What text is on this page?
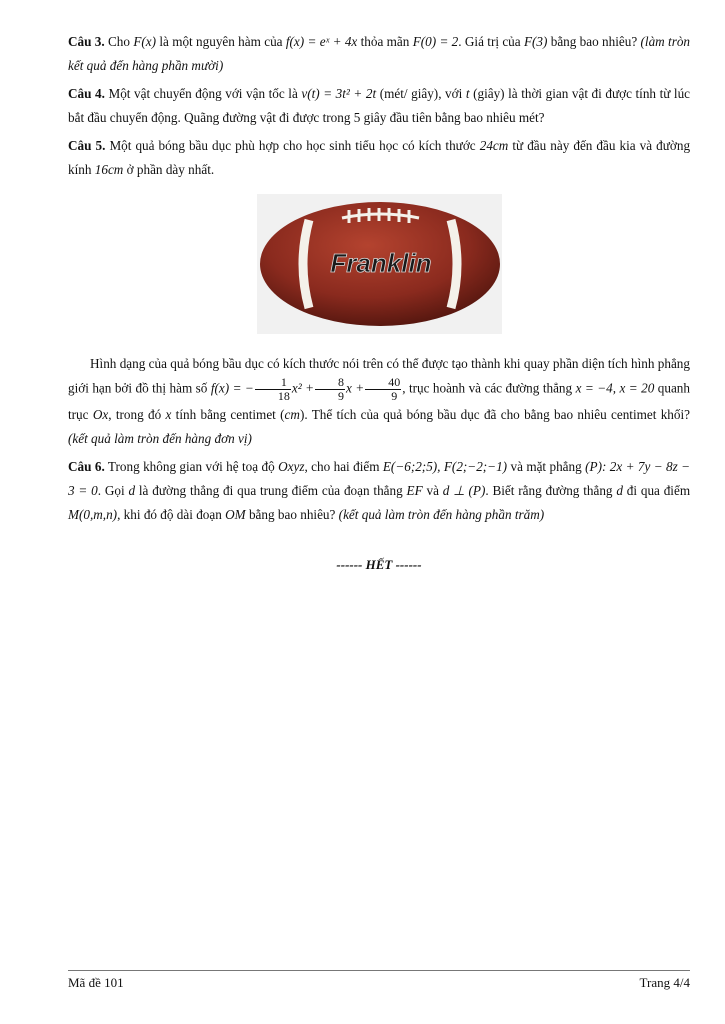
Câu 3. Cho F(x) là một nguyên hàm của f(x) = eˣ + 4x thỏa mãn F(0) = 2. Giá trị của F(3) bằng bao nhiêu? (làm tròn kết quả đến hàng phần mười)

Câu 4. Một vật chuyển động với vận tốc là v(t) = 3t² + 2t (mét/ giây), với t (giây) là thời gian vật đi được tính từ lúc bắt đầu chuyển động. Quãng đường vật đi được trong 5 giây đầu tiên bằng bao nhiêu mét?

Câu 5. Một quả bóng bầu dục phù hợp cho học sinh tiểu học có kích thước 24cm từ đầu này đến đầu kia và đường kính 16cm ở phần dày nhất.

Franklin

Hình dạng của quả bóng bầu dục có kích thước nói trên có thể được tạo thành khi quay phần diện tích hình phẳng giới hạn bởi đồ thị hàm số f(x) = − $\frac{1}{18} x^2 + \frac{8}{9}$ $x + \frac{40}{9}$ , trục hoành và các đường thẳng x = −4, x = 20 quanh trục Ox, trong đó x tính bằng centimet (cm). Thể tích của quả bóng bầu dục đã cho bằng bao nhiêu centimet khối? (kết quả làm tròn đến hàng đơn vị)

Câu 6. Trong không gian với hệ toạ độ Oxyz, cho hai điểm E(−6;2;5), F(2;−2;−1) và mặt phẳng (P): 2x + 7y − 8z − 3 = 0. Gọi d là đường thẳng đi qua trung điểm của đoạn thẳng EF và d ⊥ (P). Biết rằng đường thẳng d đi qua điểm M(0,m,n), khi đó độ dài đoạn OM bằng bao nhiêu? (kết quả làm tròn đến hàng phần trăm)

------ HẾT ------
Mã đề 101	Trang 4/4
